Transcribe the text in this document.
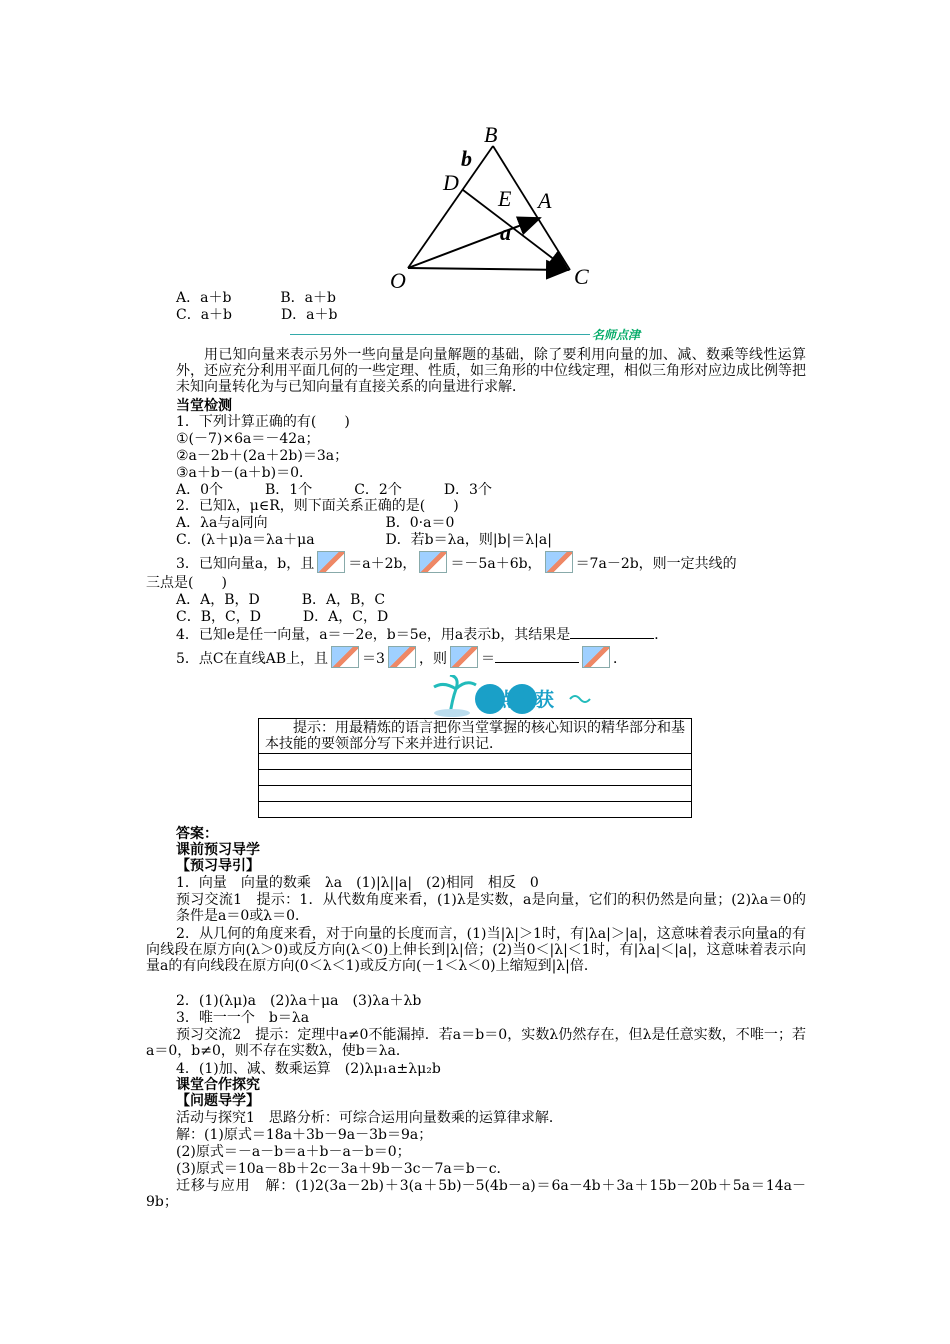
B
b
D
E A
a
O	C
A．a＋b	B．a＋b
C．a＋b	D．a＋b
名师点津
用已知向量来表示另外一些向量是向量解题的基础，除了要利用向量的加、减、数乘等线性运算外，还应充分利用平面几何的一些定理、性质，如三角形的中位线定理，相似三角形对应边成比例等把未知向量转化为与已知向量有直接关系的向量进行求解．
当堂检测
1．下列计算正确的有(　　)
①(－7)×6a＝－42a；
②a－2b＋(2a＋2b)＝3a；
③a＋b－(a＋b)＝0．
A．0个　　　B．1个　　　C．2个　　　D．3个
2．已知λ，μ∈R，则下面关系正确的是(　　)
A．λa与a同向	B．0·a＝0
C．(λ＋μ)a＝λa＋μa	D．若b＝λa，则|b|＝λ|a|
3．已知向量a，b，且 ＝a＋2b， ＝－5a＋6b， ＝7a－2b，则一定共线的
三点是(　　)
A．A，B，D　　　B．A，B，C
C．B，C，D　　　D．A，C，D
4．已知e是任一向量，a＝－2e，b＝5e，用a表示b，其结果是	．
5．点C在直线AB上，且 ＝3 ，则 ＝	．
盘点收获
提示：用最精炼的语言把你当堂掌握的核心知识的精华部分和基本技能的要领部分写下来并进行识记．

答案：
课前预习导学
【预习导引】
1．向量　向量的数乘　λa　(1)|λ||a|　(2)相同　相反　0
预习交流1　提示：1．从代数角度来看，(1)λ是实数，a是向量，它们的积仍然是向量；(2)λa＝0的条件是a＝0或λ＝0．
2．从几何的角度来看，对于向量的长度而言，(1)当|λ|＞1时，有|λa|＞|a|，这意味着表示向量a的有向线段在原方向(λ＞0)或反方向(λ＜0)上伸长到|λ|倍；(2)当0＜|λ|＜1时，有|λa|＜|a|，这意味着表示向量a的有向线段在原方向(0＜λ＜1)或反方向(－1＜λ＜0)上缩短到|λ|倍．
2．(1)(λμ)a　(2)λa＋μa　(3)λa＋λb
3．唯一一个　b＝λa
预习交流2　提示：定理中a≠0不能漏掉．若a＝b＝0，实数λ仍然存在，但λ是任意实数，不唯一；若a＝0，b≠0，则不存在实数λ，使b＝λa．
4．(1)加、减、数乘运算　(2)λμ₁a±λμ₂b
课堂合作探究
【问题导学】
活动与探究1　思路分析：可综合运用向量数乘的运算律求解．
解：(1)原式＝18a＋3b－9a－3b＝9a；
(2)原式＝－a－b＝a＋b－a－b＝0；
(3)原式＝10a－8b＋2c－3a＋9b－3c－7a＝b－c．
迁移与应用　解：(1)2(3a－2b)＋3(a＋5b)－5(4b－a)＝6a－4b＋3a＋15b－20b＋5a＝14a－9b；
